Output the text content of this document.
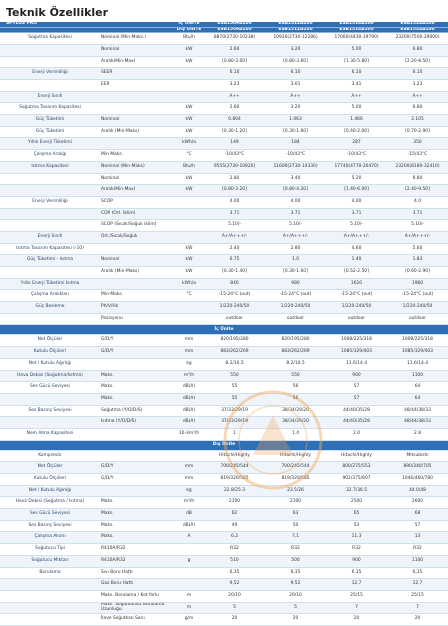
Teknik Özellikler
SPYLOS PRO		İÇ ÜNİTE	ESA1509A100	ESA1512A100	ESA1518A100	ESA1524A100
		DIŞ ÜNİTE	ESB1509A100	ESB1512A100	ESB1518A100	ESB1524A100
Soğutma Kapasitesi	Nominal (Min-Maks.)	Btu/h	8870(2730-10238)	10920(2730-12286)	17060(4430-19790)	23200(7500-29000)
	Nominal	kW	2.60	3.20	5.00	6.80
	Aralık(Min-Max)	kW	[0.80-3.00]	[0.80-3.60]	[1.30-5.80]	[2.20-8.50]
Enerji Verimliliği	SEER		6.10	6.10	6.10	6.10
	EER		3.23	3.01	3.41	3.23
Enerji Sınıfı			A++	A++	A++	A++
Soğutma Tasarım Kapasitesi		kW	2.60	3.20	5.00	6.80
Güç Tüketimi	Nominal	kW	0.804	1.063	1.466	2.105
Güç Tüketimi	Aralık (Min-Maks)	kW	[0.30-1.20]	[0.30-1.60]	[0.40-2.00]	[0.70-2.90]
Yıllık Enerji Tüketimi		kWh/a	149	184	287	350
Çalışma Aralığı	Min-Maks.	°C	-10/43°C	-10/43°C	-10/43°C	-15/43°C
Isıtma Kapasitesi	Nominal (Min-Maks)	Btu/h	9555(2730-10920)	11600(2730-14330)	17740(4770-20470)	23200(8180-32410)
	Nominal	kW	2.80	3.40	5.20	6.80
	Aralık(Min-Max)	kW	[0.80-3.20]	[0.80-4.20]	[1.40-6.00]	[2.40-9.50]
Enerji Verimliliği	SCOP		4.00	4.00	4.00	4.0
	COP (Ort. Iklim)		3.71	3.71	3.71	3.71
	SCOP (Sıcak/Soğuk iklim)		5.10/-	5.10/-	5.10/-	5.10/-
Enerji Sınıfı	Ort./Sıcak/Soğuk		A+/A+++/-	A+/A+++/-	A+/A+++/-	A+/A+++/-
Isıtma Tasarım Kapasitesi (-10)		kW	2.40	2.80	4.60	5.60
Güç Tüketimi - Isıtma	Nominal	kW	0.75	1.0	1.40	1.83
	Aralık (Min-Maks)	kW	[0.30-1.40]	[0.30-1.60]	[0.52-2.50]	[0.60-2.90]
Yıllık Enerji Tüketimi Isıtma		kWh/a	840	980	1610	1960
Çalışma Aralıkları	Min-Maks.	°C	-15-24°C (out)	-15-24°C (out)	-15-24°C (out)	-15-24°C (out)
Güç Besleme	Ph/V/Hz		1/220-240/50	1/220-240/50	1/220-240/50	1/220-240/50
	Pozisyonu		outdoor	outdoor	outdoor	outdoor
İç Ünite						
Net Ölçüler	G/D/Y	mm	820/195/280	820/195/280	1008/225/318	1008/225/318
Kutulu Ölçüleri	G/D/Y	mm	883/262/269	883/262/269	1085/329/403	1085/329/403
Net / Kutulu Ağırlığı		kg	8.2/10.5	8.2/10.5	11.6/14.4	11.6/14.4
Hava Debisi (Soğutma/Isıtma)	Maks.	m³/h	550	550	900	1100
Ses Gücü Seviyesi	Maks.	dB(A)	55	56	57	64
	Maks.	dB(A)	55	56	57	64
Ses Basınç Seviyesi	Soğutma (Y/O/D/S)	dB(A)	37/33/29/19	38/34/29/20	44/40/35/28	48/44/38/33
	Isıtma (Y/O/D/S)	dB(A)	37/33/29/19	38/34/29/20	44/40/35/28	48/44/38/33
Nem Alma Kapasitesi		10-3m³/h	1	1.4	2.0	2.8
Dış Ünite						
Kompresör			Hitachi/Highly	Hitachi/Highly	Hitachi/Highly	Mitsubishi
Net Ölçüler	G/D/Y	mm	700/245/544	700/245/544	800/275/553	890/340/705
Kutulu Ölçüleri	G/D/Y	mm	819/320/585	819/320/585	902/375/607	1046/460/780
Net / Kutulu Ağırlığı		kg	22.8/25.3	23.5/26	32.7/36.5	44.0/48
Hava Debisi (Soğutma / Isıtma)	Maks.	m³/h	2100	2100	2500	2600
Ses Gücü Seviyesi	Maks.	dB	62	63	65	68
Ses Basınç Seviyesi	Maks.	dB(A)	49	50	53	57
Çalışma Akımı	Maks.	A	6,2	7,1	11,3	13
Soğutucu Tipi	R410A/R32		R32	R32	R32	R32
Soğutucu Miktarı	R410A/R32	g	510	500	900	1100
Borulama	Sıvı Boru Hattı		6,35	6,35	6,35	6,35
	Gaz Boru Hattı		9,52	9,52	12,7	12,7
	Maks. Borulama / Kot farkı	m	20/10	20/10	25/15	25/15
	Maks. Soğutkansız Borulama Uzunluğu	m	5	5	7	7
	İlave Soğutkan Sarıı	g/m	20	20	20	20
